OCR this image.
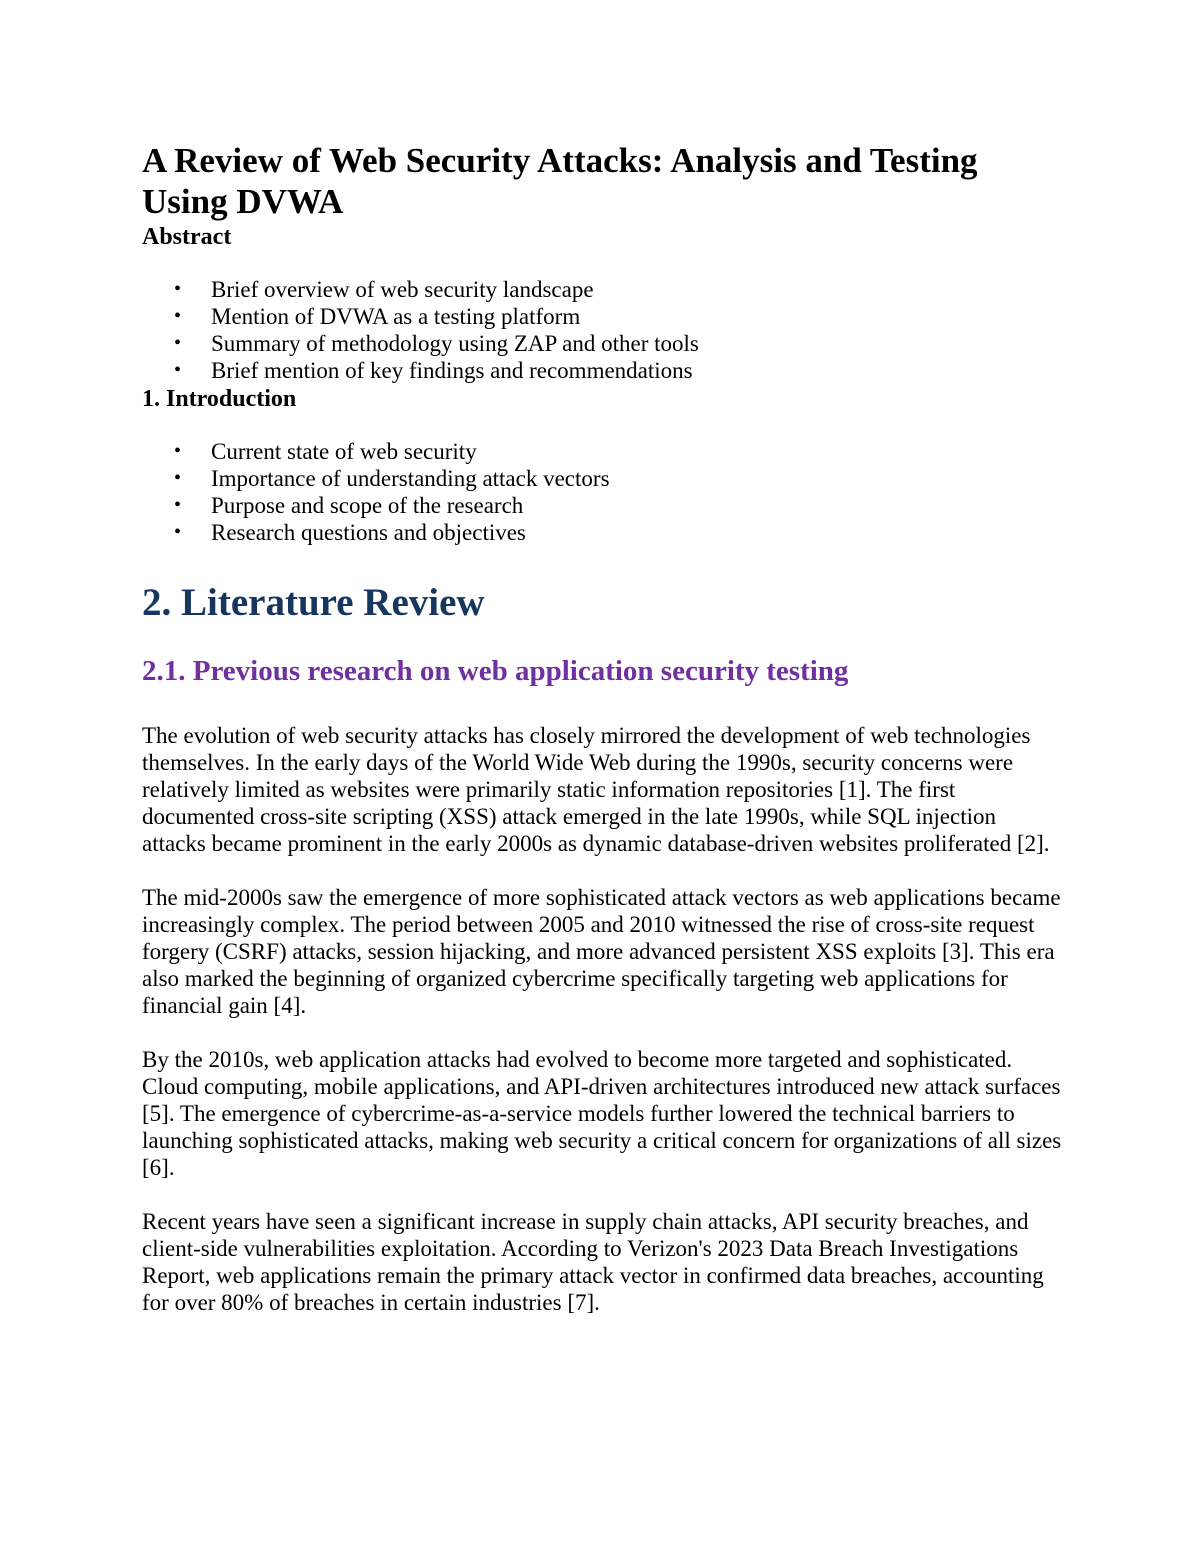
A Review of Web Security Attacks: Analysis and Testing Using DVWA
Abstract
• Brief overview of web security landscape
• Mention of DVWA as a testing platform
• Summary of methodology using ZAP and other tools
• Brief mention of key findings and recommendations
1. Introduction
• Current state of web security
• Importance of understanding attack vectors
• Purpose and scope of the research
• Research questions and objectives
2. Literature Review
2.1. Previous research on web application security testing

The evolution of web security attacks has closely mirrored the development of web technologies themselves. In the early days of the World Wide Web during the 1990s, security concerns were relatively limited as websites were primarily static information repositories [1]. The first documented cross-site scripting (XSS) attack emerged in the late 1990s, while SQL injection attacks became prominent in the early 2000s as dynamic database-driven websites proliferated [2].

The mid-2000s saw the emergence of more sophisticated attack vectors as web applications became increasingly complex. The period between 2005 and 2010 witnessed the rise of cross-site request forgery (CSRF) attacks, session hijacking, and more advanced persistent XSS exploits [3]. This era also marked the beginning of organized cybercrime specifically targeting web applications for financial gain [4].

By the 2010s, web application attacks had evolved to become more targeted and sophisticated. Cloud computing, mobile applications, and API-driven architectures introduced new attack surfaces [5]. The emergence of cybercrime-as-a-service models further lowered the technical barriers to launching sophisticated attacks, making web security a critical concern for organizations of all sizes [6].

Recent years have seen a significant increase in supply chain attacks, API security breaches, and client-side vulnerabilities exploitation. According to Verizon's 2023 Data Breach Investigations Report, web applications remain the primary attack vector in confirmed data breaches, accounting for over 80% of breaches in certain industries [7].
